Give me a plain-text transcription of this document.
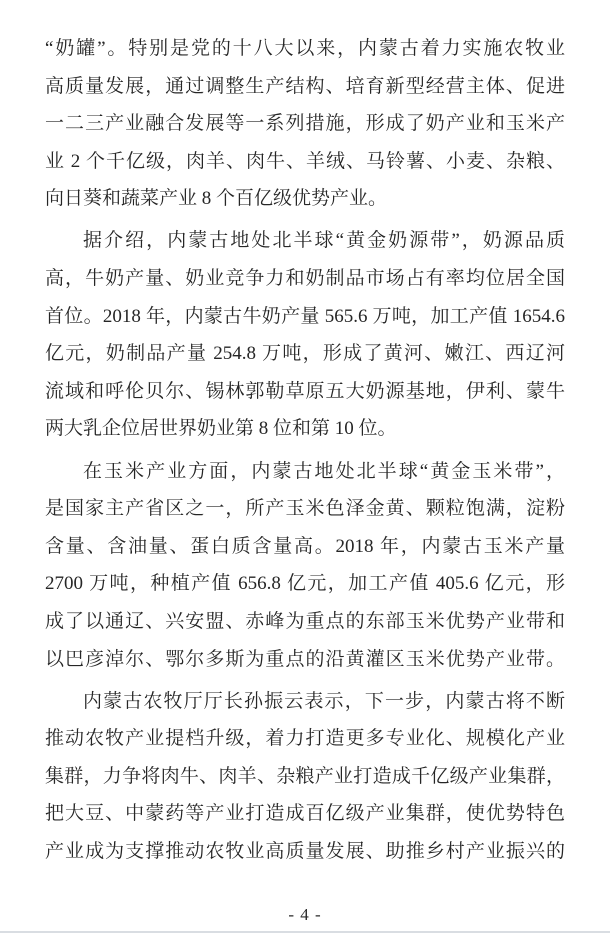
“奶罐”。特别是党的十八大以来，内蒙古着力实施农牧业
高质量发展，通过调整生产结构、培育新型经营主体、促进
一二三产业融合发展等一系列措施，形成了奶产业和玉米产
业 2 个千亿级，肉羊、肉牛、羊绒、马铃薯、小麦、杂粮、
向日葵和蔬菜产业 8 个百亿级优势产业。
据介绍，内蒙古地处北半球“黄金奶源带”，奶源品质
高，牛奶产量、奶业竞争力和奶制品市场占有率均位居全国
首位。2018 年，内蒙古牛奶产量 565.6 万吨，加工产值 1654.6
亿元，奶制品产量 254.8 万吨，形成了黄河、嫩江、西辽河
流域和呼伦贝尔、锡林郭勒草原五大奶源基地，伊利、蒙牛
两大乳企位居世界奶业第 8 位和第 10 位。
在玉米产业方面，内蒙古地处北半球“黄金玉米带”，
是国家主产省区之一，所产玉米色泽金黄、颗粒饱满，淀粉
含量、含油量、蛋白质含量高。2018 年，内蒙古玉米产量
2700 万吨，种植产值 656.8 亿元，加工产值 405.6 亿元，形
成了以通辽、兴安盟、赤峰为重点的东部玉米优势产业带和
以巴彦淖尔、鄂尔多斯为重点的沿黄灌区玉米优势产业带。
内蒙古农牧厅厅长孙振云表示，下一步，内蒙古将不断
推动农牧产业提档升级，着力打造更多专业化、规模化产业
集群，力争将肉牛、肉羊、杂粮产业打造成千亿级产业集群，
把大豆、中蒙药等产业打造成百亿级产业集群，使优势特色
产业成为支撑推动农牧业高质量发展、助推乡村产业振兴的
- 4 -
